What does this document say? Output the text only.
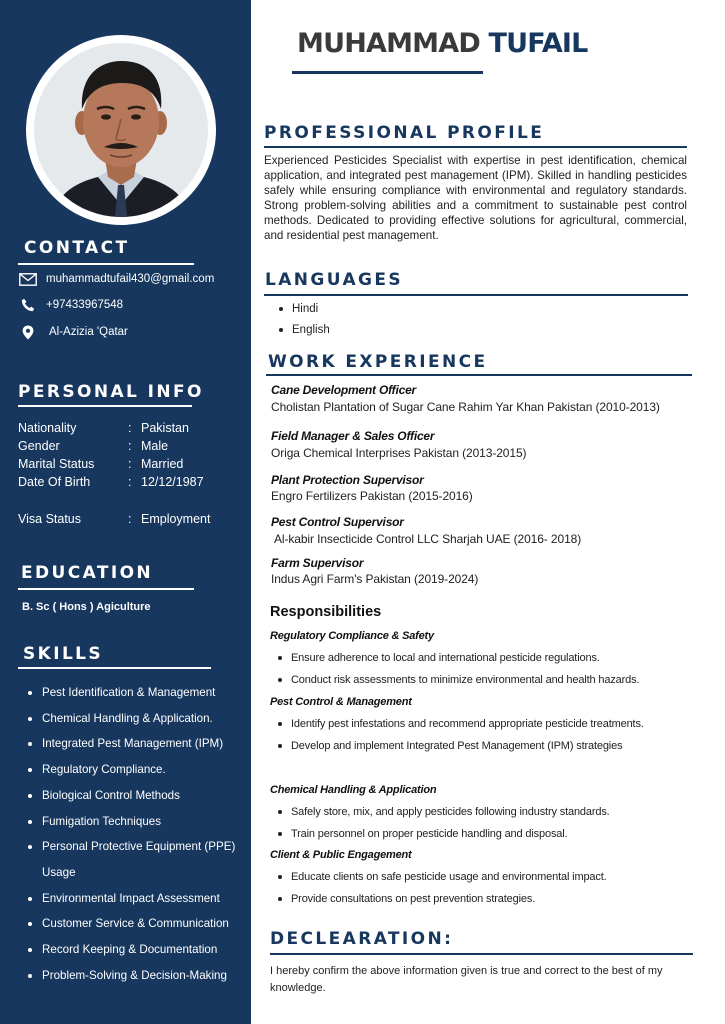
CONTACT
muhammadtufail430@gmail.com
+97433967548
Al-Azizia 'Qatar
PERSONAL INFO
Nationality	: Pakistan
Gender	: Male
Marital Status	: Married
Date Of Birth	: 12/12/1987
Visa Status	: Employment
EDUCATION
B. Sc ( Hons ) Agiculture
SKILLS
Pest Identification & Management
Chemical Handling & Application.
Integrated Pest Management (IPM)
Regulatory Compliance.
Biological Control Methods
Fumigation Techniques
Personal Protective Equipment (PPE) Usage
Environmental Impact Assessment
Customer Service & Communication
Record Keeping & Documentation
Problem-Solving & Decision-Making
MUHAMMAD TUFAIL
PROFESSIONAL PROFILE

Experienced Pesticides Specialist with expertise in pest identification, chemical application, and integrated pest management (IPM). Skilled in handling pesticides safely while ensuring compliance with environmental and regulatory standards. Strong problem-solving abilities and a commitment to sustainable pest control methods. Dedicated to providing effective solutions for agricultural, commercial, and residential pest management.

LANGUAGES
Hindi
English
WORK EXPERIENCE
Cane Development Officer
Cholistan Plantation of Sugar Cane Rahim Yar Khan Pakistan (2010-2013)
Field Manager & Sales Officer
Origa Chemical Interprises Pakistan (2013-2015)
Plant Protection Supervisor
Engro Fertilizers Pakistan (2015-2016)
Pest Control Supervisor
Al-kabir Insecticide Control LLC Sharjah UAE (2016- 2018)
Farm Supervisor
Indus Agri Farm's Pakistan (2019-2024)
Responsibilities
Regulatory Compliance & Safety
Ensure adherence to local and international pesticide regulations.
Conduct risk assessments to minimize environmental and health hazards.
Pest Control & Management
Identify pest infestations and recommend appropriate pesticide treatments.
Develop and implement Integrated Pest Management (IPM) strategies
Chemical Handling & Application
Safely store, mix, and apply pesticides following industry standards.
Train personnel on proper pesticide handling and disposal.
Client & Public Engagement
Educate clients on safe pesticide usage and environmental impact.
Provide consultations on pest prevention strategies.
DECLEARATION:

I hereby confirm the above information given is true and correct to the best of my knowledge.
